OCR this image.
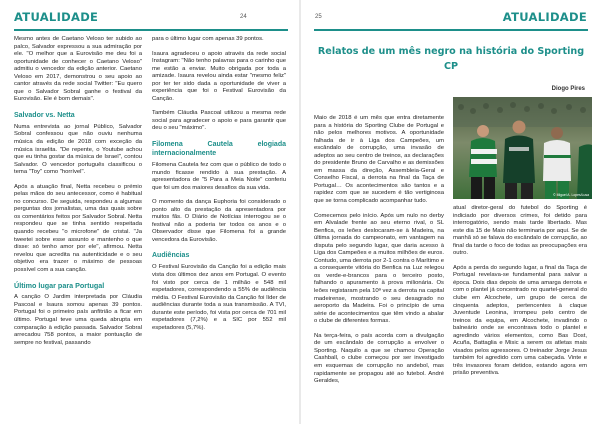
ATUALIDADE	24

Mesmo antes de Caetano Veloso ter subido ao palco, Salvador expressou a sua admiração por ele. "O melhor que a Eurovisão me deu foi a oportunidade de conhecer o Caetano Veloso" admitiu o vencedor da edição anterior. Caetano Veloso em 2017, demonstrou o seu apoio ao cantor através da rede social Twitter: "Eu quero que o Salvador Sobral ganhe o festival da Eurovisão. Ele é bom demais".

Salvador vs. Netta

Numa entrevista ao jornal Público, Salvador Sobral confessou que não ouviu nenhuma música da edição de 2018 com exceção da música israelita. "De repente, o Youtube achou que eu tinha gostar da música de Israel", contou Salvador. O vencedor português classificou o tema "Toy" como "horrível".

Após a atuação final, Netta recebeu o prémio pelas mãos do seu antecessor, como é habitual no concurso. De seguida, respondeu a algumas perguntas dos jornalistas, uma das quais sobre os comentários feitos por Salvador Sobral. Netta respondeu que se tinha sentido respeitada quando recebeu "o microfone" de cristal. "Ja tweetei sobre esse assunto e mantenho o que disse: só tenho amor por ele", afirmou. Netta revelou que acredita na autenticidade e o seu objetivo era trazer o máximo de pessoas possível com a sua canção.

Último lugar para Portugal

A canção O Jardim interpretada por Cláudia Pascoal e Isaura somou apenas 39 pontos. Portugal foi o primeiro país anfitrião a ficar em último. Portugal teve uma queda abrupta em comparação à edição passada. Salvador Sobral arrecadou 758 pontos, a maior pontuação de sempre no festival, passando

para o último lugar com apenas 39 pontos.

Isaura agradeceu o apoio através da rede social Instagram: "Não tenho palavras para o carinho que me estão a enviar. Muito obrigada por toda a amizade. Isaura revelou ainda estar "mesmo feliz" por ter ter sido dada a oportunidade de viver a experiência que foi o Festival Eurovisão da Canção.

Também Cláudia Pascoal utilizou a mesma rede social para agradecer o apoio e para garantir que deu o seu "máximo".

Filomena Cautela elogiada internacionalmente

Filomena Cautela fez com que o público de todo o mundo ficasse rendido à sua prestação. A apresentadora de "5 Para a Meia Noite" conferiu que foi um dos maiores desafios da sua vida.

O momento da dança Euphoria foi considerado o ponto alto da prestação da apresentadora por muitos fãs. O Diário de Notícias interrogou se o festival não a poderia ter todos os anos e o Observador disse que Filomena foi a grande vencedora da Eurovisão.

Audiências

O Festival Eurovisão da Canção foi a edição mais vista dos últimos dez anos em Portugal. O evento foi visto por cerca de 1 milhão e 548 mil espetadores, correspondendo a 55% de audiência média. O Festival Eurovisão da Canção foi líder de audiências durante toda a sua transmissão. A TVI, durante este período, foi vista por cerca de 701 mil espetadores (7,2%) e a SIC por 552 mil espetadores (5,7%).

25	ATUALIDADE
Relatos de um mês negro na história do Sporting CP
Diogo Pires

Maio de 2018 é um mês que entra diretamente para a história do Sporting Clube de Portugal e não pelos melhores motivos. A oportunidade falhada de ir à Liga dos Campeões, um escândalo de corrupção, uma invasão de adeptos ao seu centro de treinos, as declarações do presidente Bruno de Carvalho e as demissões em massa da direção, Assembleia-Geral e Conselho Fiscal, a derrota na final da Taça de Portugal… Os acontecimentos são tantos e a rapidez com que se sucedem é tão vertiginosa que se torna complicado acompanhar tudo.

Comecemos pelo início. Após um nulo no derby em Alvalade frente ao seu eterno rival, o SL Benfica, os leões deslocaram-se à Madeira, na última jornada do campeonato, em vantagem na disputa pelo segundo lugar, que daria acesso à Liga dos Campeões e a muitos milhões de euros. Contudo, uma derrota por 2-1 contra o Marítimo e a consequente vitória do Benfica na Luz relegou os verde-e-brancos para o terceiro posto, falhando o apuramento à prova milionária. Os leões registaram pela 10ª vez a derrota na capital madeirense, mostrando o seu desagrado no aeroporto da Madeira. Foi o princípio de uma série de acontecimentos que têm vindo a abalar o clube de diferentes formas.

Na terça-feira, o país acorda com a divulgação de um escândalo de corrupção a envolver o Sporting. Naquilo a que se chamou Operação Cashball, o clube começou por ser investigado em esquemas de corrupção no andebol, mas rapidamente se propagou até ao futebol. André Geraldes,

© Miguel A. Lopes/Lusa

atual diretor-geral do futebol do Sporting é indiciado por diversos crimes, foi detido para interrogatório, sendo mais tarde libertado. Mas este dia 15 de Maio não terminaria por aqui. Se de manhã só se falava do escândalo de corrupção, ao final da tarde o foco de todas as preocupações era outro.

Após a perda do segundo lugar, a final da Taça de Portugal revelava-se fundamental para salvar a época. Dois dias depois de uma amarga derrota e com o plantel já concentrado no quartel-general do clube em Alcochete, um grupo de cerca de cinquenta adeptos, pertencentes à claque Juventude Leonina, irrompeu pelo centro de treinos da equipa, em Alcochete, invadindo o balneário onde se encontrava todo o plantel e agredindo vários elementos, como Bas Dost, Acuña, Battaglia e Misic a serem os atletas mais visados pelos agressores. O treinador Jorge Jesus também foi agredido com uma cabeçada. Vinte e três invasores foram detidos, estando agora em prisão preventiva.
